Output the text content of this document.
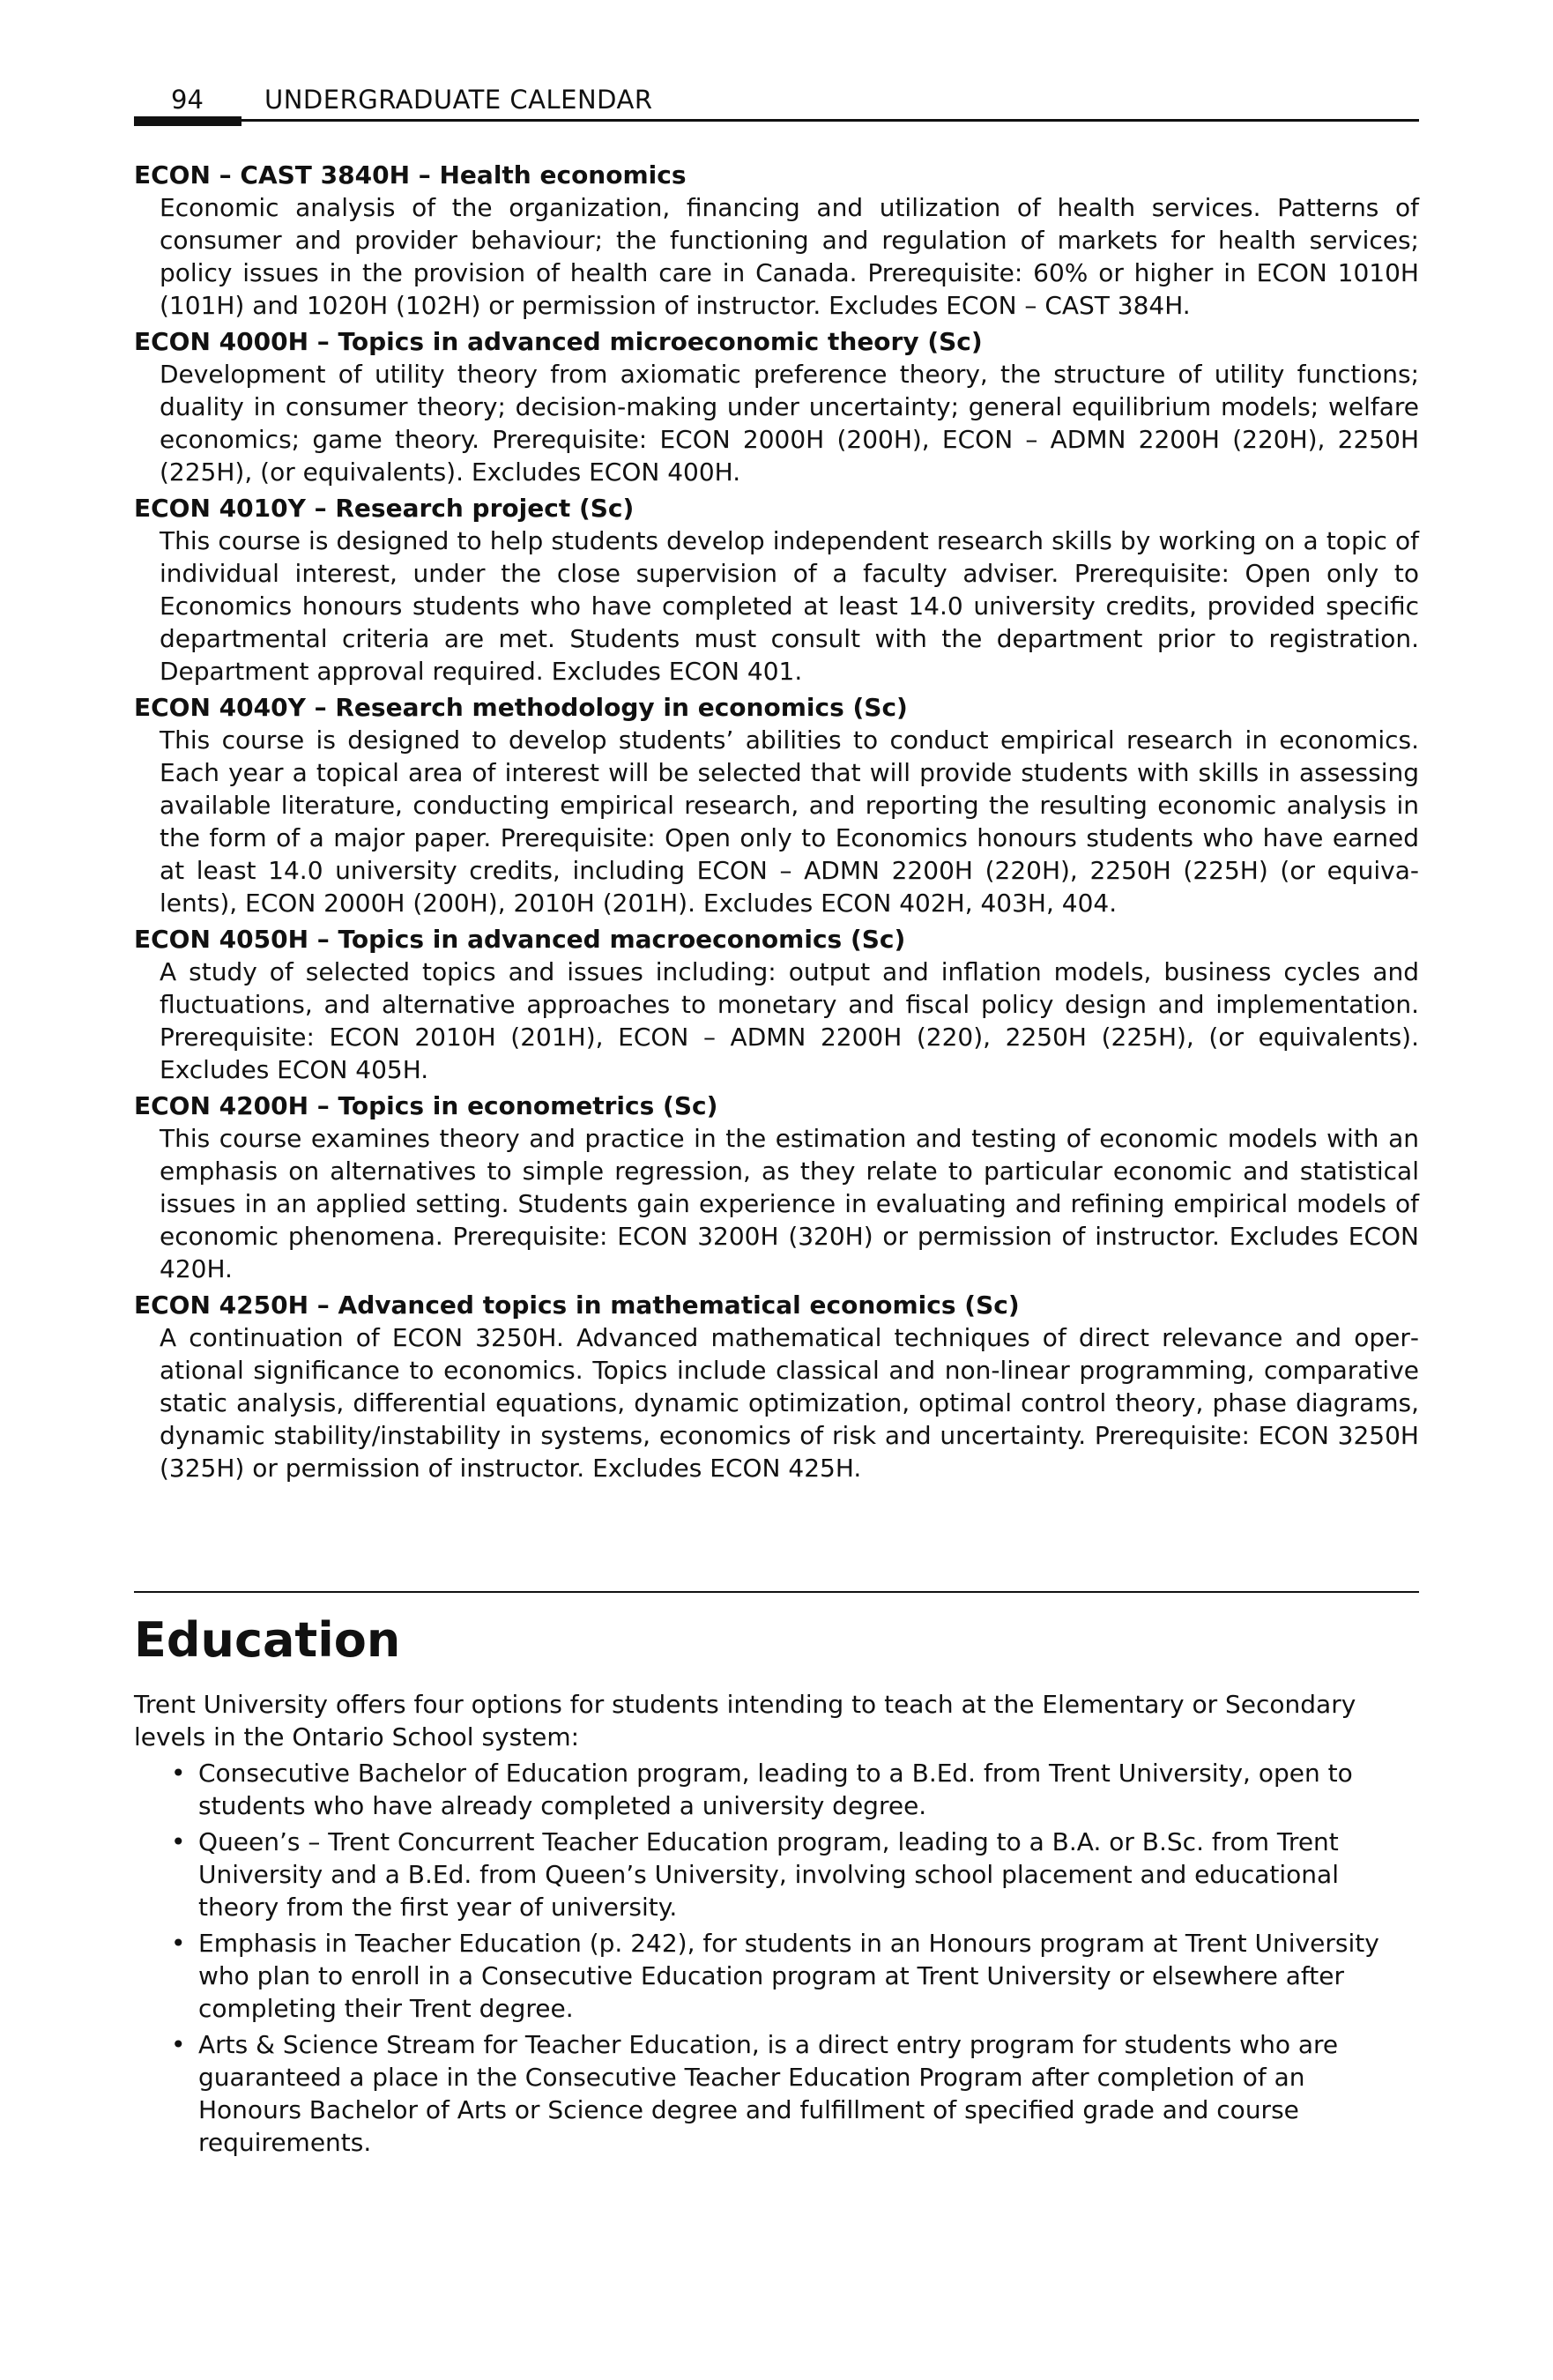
94 UNDERGRADUATE CALENDAR
ECON – CAST 3840H – Health economics
Economic analysis of the organization, financing and utilization of health services. Patterns of consumer and provider behaviour; the functioning and regulation of markets for health services; policy issues in the provision of health care in Canada. Prerequisite: 60% or higher in ECON 1010H (101H) and 1020H (102H) or permission of instructor. Excludes ECON – CAST 384H.
ECON 4000H – Topics in advanced microeconomic theory (Sc)
Development of utility theory from axiomatic preference theory, the structure of utility functions; duality in consumer theory; decision-making under uncertainty; general equilibrium models; welfare economics; game theory. Prerequisite: ECON 2000H (200H), ECON – ADMN 2200H (220H), 2250H (225H), (or equivalents). Excludes ECON 400H.
ECON 4010Y – Research project (Sc)
This course is designed to help students develop independent research skills by working on a topic of individual interest, under the close supervision of a faculty adviser. Prerequisite: Open only to Economics honours students who have completed at least 14.0 university credits, provided specific departmental criteria are met. Students must consult with the department prior to registration. Department approval required. Excludes ECON 401.
ECON 4040Y – Research methodology in economics (Sc)
This course is designed to develop students’ abilities to conduct empirical research in economics. Each year a topical area of interest will be selected that will provide students with skills in assessing available literature, conducting empirical research, and reporting the resulting economic analysis in the form of a major paper. Prerequisite: Open only to Economics honours students who have earned at least 14.0 university credits, including ECON – ADMN 2200H (220H), 2250H (225H) (or equivalents), ECON 2000H (200H), 2010H (201H). Excludes ECON 402H, 403H, 404.
ECON 4050H – Topics in advanced macroeconomics (Sc)
A study of selected topics and issues including: output and inflation models, business cycles and fluctuations, and alternative approaches to monetary and fiscal policy design and implementation. Prerequisite: ECON 2010H (201H), ECON – ADMN 2200H (220), 2250H (225H), (or equivalents). Excludes ECON 405H.
ECON 4200H – Topics in econometrics (Sc)
This course examines theory and practice in the estimation and testing of economic models with an emphasis on alternatives to simple regression, as they relate to particular economic and statistical issues in an applied setting. Students gain experience in evaluating and refining empirical models of economic phenomena. Prerequisite: ECON 3200H (320H) or permission of instructor. Excludes ECON 420H.
ECON 4250H – Advanced topics in mathematical economics (Sc)
A continuation of ECON 3250H. Advanced mathematical techniques of direct relevance and operational significance to economics. Topics include classical and non-linear programming, comparative static analysis, differential equations, dynamic optimization, optimal control theory, phase diagrams, dynamic stability/instability in systems, economics of risk and uncertainty. Prerequisite: ECON 3250H (325H) or permission of instructor. Excludes ECON 425H.
Education
Trent University offers four options for students intending to teach at the Elementary or Secondary levels in the Ontario School system:
• Consecutive Bachelor of Education program, leading to a B.Ed. from Trent University, open to students who have already completed a university degree.
• Queen’s – Trent Concurrent Teacher Education program, leading to a B.A. or B.Sc. from Trent University and a B.Ed. from Queen’s University, involving school placement and educational theory from the first year of university.
• Emphasis in Teacher Education (p. 242), for students in an Honours program at Trent University who plan to enroll in a Consecutive Education program at Trent University or elsewhere after completing their Trent degree.
• Arts & Science Stream for Teacher Education, is a direct entry program for students who are guaranteed a place in the Consecutive Teacher Education Program after completion of an Honours Bachelor of Arts or Science degree and fulfillment of specified grade and course requirements.
